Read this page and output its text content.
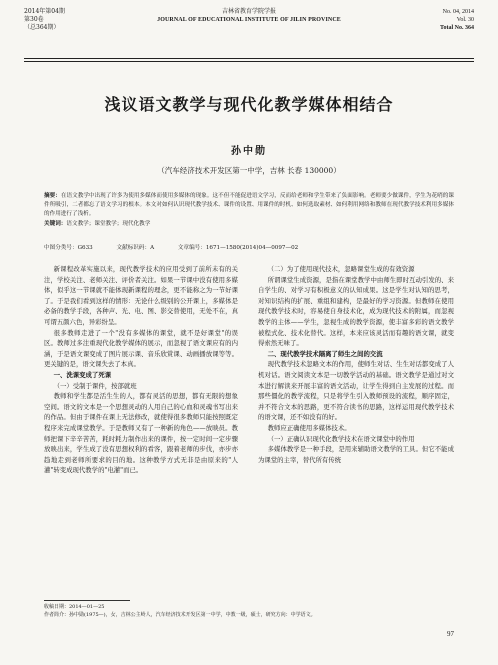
2014年第04期
第30卷
（总364期）
吉林省教育学院学报
JOURNAL OF EDUCATIONAL INSTITUTE OF JILIN PROVINCE
No. 04, 2014
Vol. 30
Total No. 364
浅议语文教学与现代化教学媒体相结合
孙中勋
（汽车经济技术开发区第一中学，吉林 长春 130000）
摘要：在语文教学中出现了许多为使用多媒体而使用多媒体的现象。这不但不能促进语文学习，反而给老师和学生带来了负面影响。老师要少做课件，学生为花哨的课件所吸引，二者都忘了语文学习的根本。本文对如何认识现代教学技术、课件的设置、用课件的时机、如何选取素材、如何利用网络和教师在现代教学技术利用多媒体的作用进行了浅析。
关键词：语文教学；课堂教学；现代化教学
中图分类号：G633	文献标识码：A	文章编号：1671—1580(2014)04—0097—02

新课程改革实施以来，现代教学技术的应用受到了前所未有的关注，学校关注、老师关注、评价者关注。如果一节课中没有使用多媒体，似乎这一节课就不能体现新课程的理念，更不能称之为一节好课了。于是我们看到这样的情形：无论什么级别的公开课上，多媒体是必备的教学手段，各种声、光、电、图、影交替使用，无处不在，真可谓五颜六色，异彩纷呈。

很多教师走进了一个"没有多媒体的课堂，就不是好课堂"的误区。教师过多注重现代化教学媒体的展示，而忽视了语文课应有的内涵，于是语文课变成了图片展示课、音乐欣赏课、动画播放课等等。更关键的是，语文课失去了本真。

一、洗课变成了死课

（一）受制于课件，按部就班

教师和学生都是活生生的人，都有灵活的思想，都有无限的想象空间。语文的文本是一个思想灵动的人用自己的心血和灵魂书写出来的作品。但由于课件在课上无法修改，就使得很多教师只能按照既定程序来完成课堂教学。于是教师又有了一种新的角色——放映员。教师把课下辛辛苦苦，耗时耗力制作出来的课件，按一定时间一定步骤放映出来，学生成了没有思想权利的看客，跟着老师的步伐，亦步亦趋地走到老师所要求的目的地。这种教学方式无非是由原来的"人灌"转变成现代教学的"电灌"而已。

（二）为了使用现代技术，忽略课堂生成的有效资源

所谓课堂生成资源，是指在课堂教学中由师生即时互动引发的、来自学生的、对学习有积极意义的认知成果。这是学生对认知的思考，对知识结构的扩展、重组和建构，是最好的学习资源。但教师在使用现代教学技术时，容易使自身技术化，成为现代技术的附属，而忽视教学的主体——学生，忽视生成的教学资源，使丰富多彩的语文教学被程式化、技术化替代。这样，本来应该灵活而有趣的语文课，就变得索然无味了。

二、现代教学技术隔离了师生之间的交流

现代教学技术忽略文本的作用，使师生对话、生生对话都变成了人机对话。语文阅读文本是一切教学活动的基础。语文教学是通过对文本进行解读来开展丰富的语文活动，让学生得到自主发展的过程。而那些僵化的教学流程，只是将学生引入教师预设的流程，顺序固定，并不符合文本的思路，更不符合读书的思路，这样运用现代教学技术的语文课，还不如没有的好。

教师应正确使用多媒体技术。

（一）正确认识现代化教学技术在语文课堂中的作用

多媒体教学是一种手段，是用来辅助语文教学的工具。但它不能成为课堂的主宰，替代所有传统

收稿日期：2014—01—25
作者简介：孙中勋(1975—)，女，吉林公主岭人，汽车经济技术开发区第一中学，中教一级，硕士，研究方向：中学语文。
97
